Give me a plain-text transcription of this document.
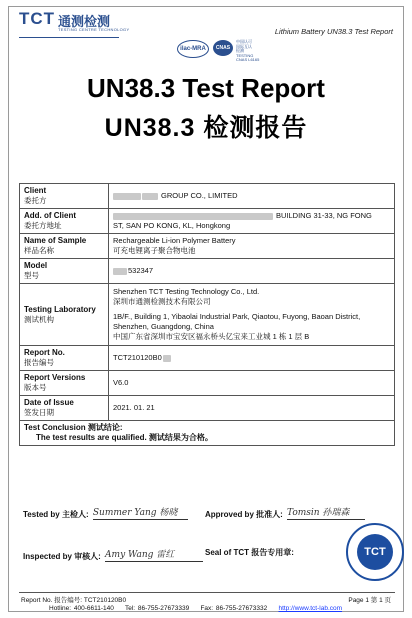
TCT 通测检测
TESTING CENTRE TECHNOLOGY	Lithium Battery UN38.3 Test Report
ilac-MRA	CNAS
中国认可
国际互认
检测
TESTING
CNAS L6165
UN38.3 Test Report
UN38.3 检测报告
Client
委托方	GROUP CO., LIMITED
Add. of Client
委托方地址	BUILDING 31-33, NG FONG
ST, SAN PO KONG, KL, Hongkong
Name of Sample
样品名称	Rechargeable Li-ion Polymer Battery
可充电锂离子聚合物电池
Model
型号	532347
Testing Laboratory
测试机构	Shenzhen TCT Testing Technology Co., Ltd.
深圳市通测检测技术有限公司

1B/F., Building 1, Yibaolai Industrial Park, Qiaotou, Fuyong, Baoan District,
Shenzhen, Guangdong, China
中国广东省深圳市宝安区福永桥头亿宝来工业城 1 栋 1 层 B
Report No.
报告编号	TCT210120B0
Report Versions
版本号	V6.0
Date of Issue
签发日期	2021. 01. 21
Test Conclusion 测试结论:
The test results are qualified. 测试结果为合格。	
Tested by 主检人: Summer Yang 杨晓	Approved by 批准人: Tomsin 孙瑞森
Inspected by 审核人: Amy Wang 雷红	Seal of TCT 报告专用章:	TCT
Report No. 报告编号: TCT210120B0	Page 1 第 1 页
Hotline: 400-6611-140 Tel: 86-755-27673339 Fax: 86-755-27673332 http://www.tct-lab.com
